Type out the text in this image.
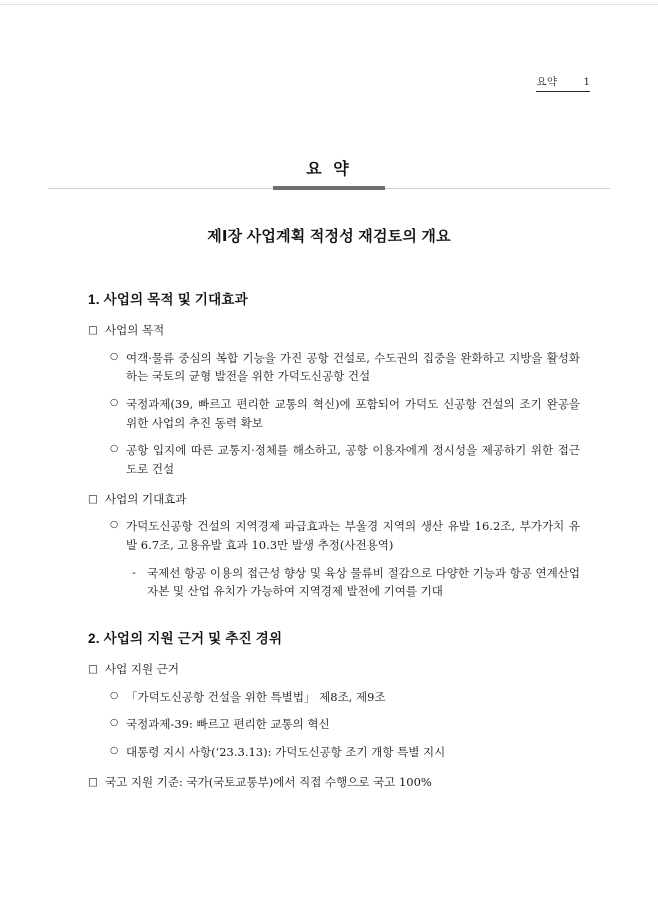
요약 1
요 약
제Ⅰ장 사업계획 적정성 재검토의 개요
1. 사업의 목적 및 기대효과
□ 사업의 목적
○ 여객·물류 중심의 복합 기능을 가진 공항 건설로, 수도권의 집중을 완화하고 지방을 활성화하는 국토의 균형 발전을 위한 가덕도신공항 건설
○ 국정과제(39, 빠르고 편리한 교통의 혁신)에 포함되어 가덕도 신공항 건설의 조기 완공을 위한 사업의 추진 동력 확보
○ 공항 입지에 따른 교통지·정체를 해소하고, 공항 이용자에게 정시성을 제공하기 위한 접근도로 건설
□ 사업의 기대효과
○ 가덕도신공항 건설의 지역경제 파급효과는 부울경 지역의 생산 유발 16.2조, 부가가치 유발 6.7조, 고용유발 효과 10.3만 발생 추정(사전용역)
- 국제선 항공 이용의 접근성 향상 및 육상 물류비 절감으로 다양한 기능과 항공 연계산업 자본 및 산업 유치가 가능하여 지역경제 발전에 기여를 기대
2. 사업의 지원 근거 및 추진 경위
□ 사업 지원 근거
○ 「가덕도신공항 건설을 위한 특별법」 제8조, 제9조
○ 국정과제-39: 빠르고 편리한 교통의 혁신
○ 대통령 지시 사항(‘23.3.13): 가덕도신공항 조기 개항 특별 지시
□ 국고 지원 기준: 국가(국토교통부)에서 직접 수행으로 국고 100%
